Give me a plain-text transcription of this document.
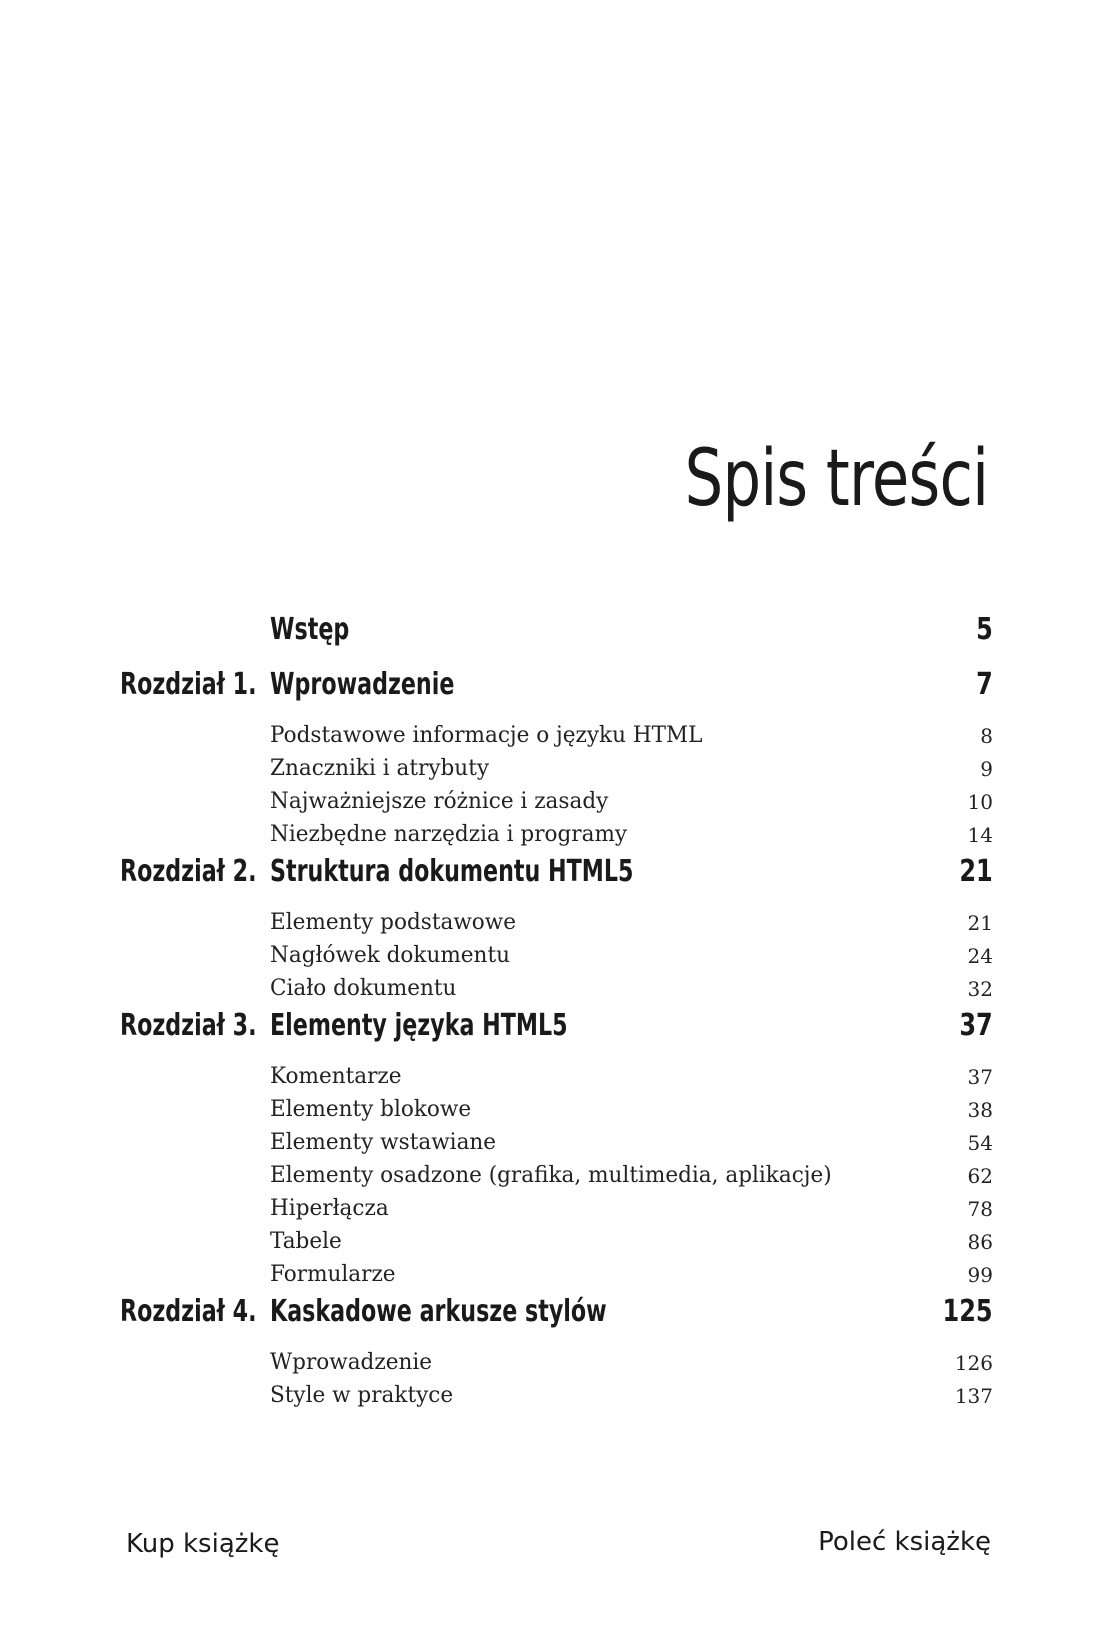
Spis treści
Wstęp	5
Rozdział 1. Wprowadzenie	7
Podstawowe informacje o języku HTML	8
Znaczniki i atrybuty	9
Najważniejsze różnice i zasady	10
Niezbędne narzędzia i programy	14
Rozdział 2. Struktura dokumentu HTML5	21
Elementy podstawowe	21
Nagłówek dokumentu	24
Ciało dokumentu	32
Rozdział 3. Elementy języka HTML5	37
Komentarze	37
Elementy blokowe	38
Elementy wstawiane	54
Elementy osadzone (grafika, multimedia, aplikacje)	62
Hiperłącza	78
Tabele	86
Formularze	99
Rozdział 4. Kaskadowe arkusze stylów	125
Wprowadzenie	126
Style w praktyce	137
Kup książkę	Poleć książkę
